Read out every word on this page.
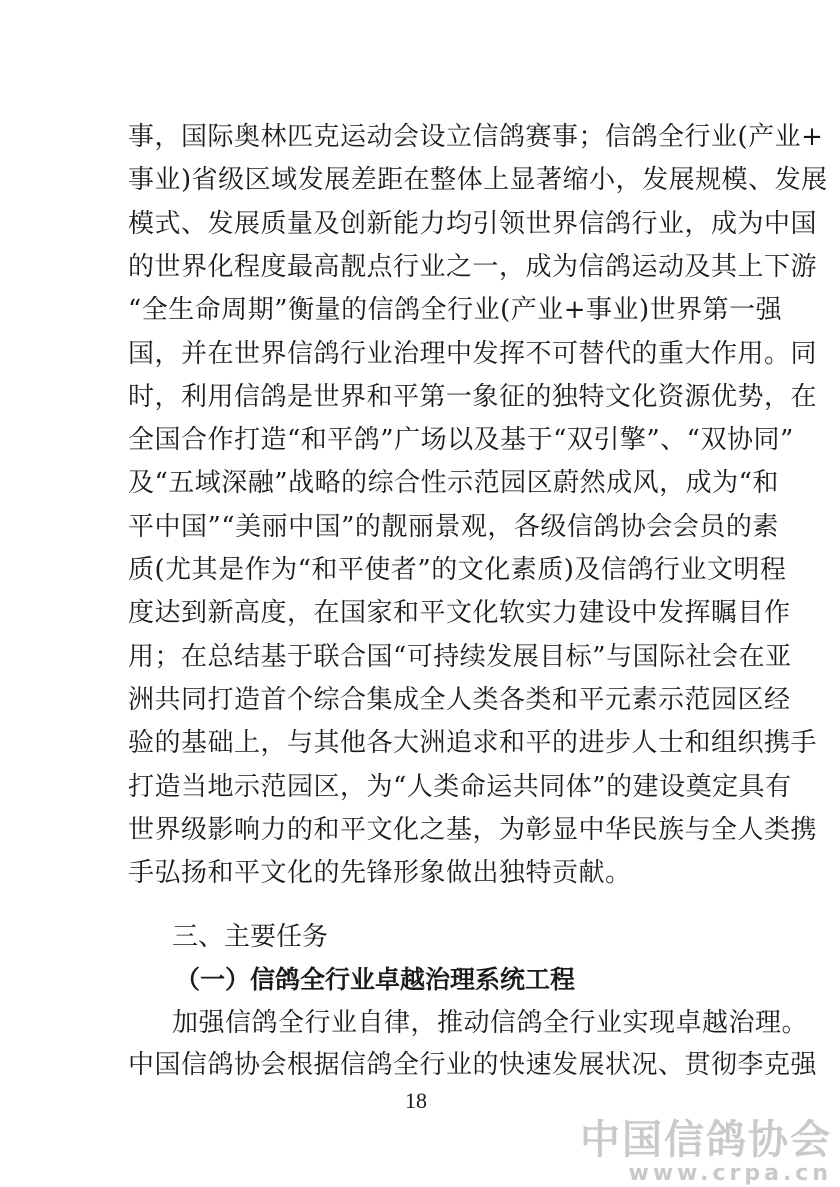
事，国际奥林匹克运动会设立信鸽赛事；信鸽全行业(产业+
事业)省级区域发展差距在整体上显著缩小，发展规模、发展
模式、发展质量及创新能力均引领世界信鸽行业，成为中国
的世界化程度最高靓点行业之一，成为信鸽运动及其上下游
“全生命周期”衡量的信鸽全行业(产业+事业)世界第一强
国，并在世界信鸽行业治理中发挥不可替代的重大作用。同
时，利用信鸽是世界和平第一象征的独特文化资源优势，在
全国合作打造“和平鸽”广场以及基于“双引擎”、“双协同”
及“五域深融”战略的综合性示范园区蔚然成风，成为“和
平中国”“美丽中国”的靓丽景观，各级信鸽协会会员的素
质(尤其是作为“和平使者”的文化素质)及信鸽行业文明程
度达到新高度，在国家和平文化软实力建设中发挥瞩目作
用；在总结基于联合国“可持续发展目标”与国际社会在亚
洲共同打造首个综合集成全人类各类和平元素示范园区经
验的基础上，与其他各大洲追求和平的进步人士和组织携手
打造当地示范园区，为“人类命运共同体”的建设奠定具有
世界级影响力的和平文化之基，为彰显中华民族与全人类携
手弘扬和平文化的先锋形象做出独特贡献。
三、主要任务
（一）信鸽全行业卓越治理系统工程
加强信鸽全行业自律，推动信鸽全行业实现卓越治理。
中国信鸽协会根据信鸽全行业的快速发展状况、贯彻李克强
18
中国信鸽协会
www.crpa.cn
